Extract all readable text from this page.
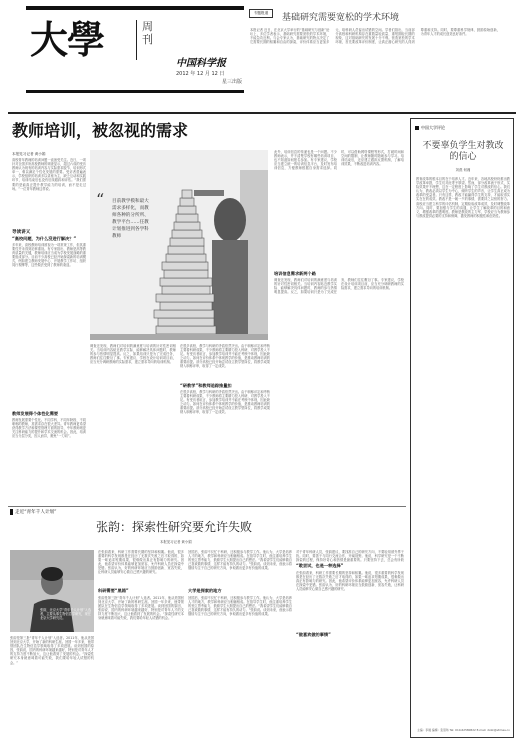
大學	周刊
中国科学报
2012 年 12 月 12 日
星三出版
专题报道	基础研究需要宽松的学术环境
本报记者 近日，在北京大学举行的“基础研究与创新”论坛上，多位学者表示，基础研究需要宽松的学术环境，不能急功近利。与会专家认为，基础研究的特点决定了它需要长期的积累和自由的探索，评价体系应当更加多元，给科研人员留出试错的空间。学者们指出，当前部分高校和科研机构存在重数量轻质量、重短期轻长期的现象，这对基础研究的发展十分不利。营造宽松的学术环境，首先要改革评价制度，让真正潜心研究的人得到尊重和支持。同时，要尊重科学规律，鼓励原始创新，为青年人才的成长创造良好条件。
教师培训，被忽视的需求
本报见习记者 黄小娟
高校青年教师的培训问题一直备受关注。近日，一项针对全国多所高校教师的调查显示，超过六成的受访教师认为现有的培训内容与实际需求脱节，培训形式单一，难以满足个性化发展的需要。受访者普遍表示，学校组织的培训多以讲座为主，缺乏互动和实践环节，培训结束后也没有后续跟踪和评估。“我们需要的是能真正提升教学能力的培训，而不是走过场。”一位青年教师这样说。
导读讲义
“高校问题，为什么没进行解决？”
多年来，高校教师培训被视为一项常规工作，但其重要性并未得到足够重视。有专家指出，教师是高等教育质量的关键，教师培训应当成为学校发展战略的重要组成部分。目前不少高校已经开始探索新的培训模式，例如建立教师发展中心、开展教学工作坊、组织同行观摩等，这些做法受到了教师的欢迎。
教师发展得个体性化需要
教师发展需要个性化。不同学科、不同年龄段、不同职称的教师，其需求存在很大差异。青年教师更希望获得教学方法和课堂管理方面的指导，中年教师则更关注科研能力的提升和学术交流的机会。因此，培训应当分层分类，因人而异，避免“一刀切”。
“ 目前教学模和最大需求多样化，而教师各种的分所所、教学平台……任教计划推进到各学科教师
调查还发现，教师们对培训的满意度与培训的针对性密切相关。当培训内容贴近教学实际、能够解决具体问题时，教师的参与热情明显提高。反之，如果培训只是为了完成任务，教师们往往敷衍了事。专家建议，学校在设计培训项目前，应当充分调研教师的实际需求，建立需求导向的培训机制。
“研教学”和教师追踪推量扣
在很多高校，教学与科研的矛盾依然突出。由于职称评定和考核主要看科研成果，不少教师将主要精力投入科研，对教学投入不足。有受访者坦言，参加教学培训并不能在考核中体现，因此缺乏动力。如何在评价体系中体现教学的价值，是推动教师培训的重要前提。部分高校已经开始尝试设立教学型岗位，将教学成果纳入职称评审，取得了一定成效。
在很多高校，教学与科研的矛盾依然突出。由于职称评定和考核主要看科研成果，不少教师将主要精力投入科研，对教学投入不足。有受访者坦言，参加教学培训并不能在考核中体现，因此缺乏动力。如何在评价体系中体现教学的价值，是推动教师培训的重要前提。部分高校已经开始尝试设立教学型岗位，将教学成果纳入职称评审，取得了一定成效。
此外，培训信息的传递也是一个问题。不少教师表示，并不清楚学校有哪些培训项目，也不知道如何报名参加。有专家建议，学校应当建立统一的培训信息平台，及时发布培训信息，方便教师根据自身需求选择。同时，可以借助网络课程等形式，打破时间和空间的限制，让教师随时随地参与学习。培训结束后，还应建立跟踪反馈机制，了解培训效果，不断改进培训内容。
培训信息需求新两个路
调查还发现，教师们对培训的满意度与培训的针对性密切相关。当培训内容贴近教学实际、能够解决具体问题时，教师的参与热情明显提高。反之，如果培训只是为了完成任务，教师们往往敷衍了事。专家建议，学校在设计培训项目前，应当充分调研教师的实际需求，建立需求导向的培训机制。
中国大学评论
不要辜负学生对教改的信心
刘燕 何湘
教育改革的根本目的在于培养人才。近年来，各地高校纷纷推出教学改革举措，学生们对此寄予厚望。然而，部分改革流于形式，实际效果并不理想，这在一定程度上影响了学生对教改的信心。我们认为，教改必须以学生为中心，倾听学生的声音，让学生真正成为改革的受益者。只有这样，教改才能赢得学生的支持，才能取得实实在在的成效。教改不是一朝一夕的事情，需要持之以恒的努力。高校应当建立科学的评估机制，定期检验改革成效，及时调整改革方向。同时，要加强与学生的沟通，让学生了解改革的目的和意义，增强改革的透明度。教师是教改的主力军，学校应当为教师参与教改提供必要的支持和保障，激发教师的积极性和创造性。
主编：李晨 编辑：张思玮 Tel: 010-62580822 E-mail: dxzk@stimes.cn
走近“青年千人计划”
张韵：探索性研究要允许失败
本报见习记者 黄小娟
张韵，北京大学“青年千人计划”入选者，主要从事生物信息学研究，现任北京大学研究员。
张韵是第三批“青年千人计划”入选者。2011年，他从美国回到北京大学，开始了新的科研生涯。回国一年多来，他带领团队在生物信息学领域取得了多项进展。谈到回国的原因，张韵说，国内的科研环境越来越好，特别是对青年人才的支持力度不断加大，这让他看到了发展的机会。“探索性研究本身就意味着可能失败，我们要给年轻人试错的机会。”
科研需要“黑箱”
在张韵看来，科研工作需要长期的坚持和积累。他说，很多重要的科学发现都是在经历了无数次失败之后才取得的，如果一味追求短期成果，很难做出真正有影响力的研究。因此，他希望评价体系能够更加宽容，允许科研人员在探索中犯错。张韵认为，好的科研环境应当鼓励创新、宽容失败，让科研人员能够安心做自己感兴趣的研究。
张韵是第三批“青年千人计划”入选者。2011年，他从美国回到北京大学，开始了新的科研生涯。回国一年多来，他带领团队在生物信息学领域取得了多项进展。谈到回国的原因，张韵说，国内的科研环境越来越好，特别是对青年人才的支持力度不断加大，这让他看到了发展的机会。“探索性研究本身就意味着可能失败，我们要给年轻人试错的机会。”
大学是探索的地方
回国后，张韵不仅忙于科研，还积极参与教学工作。他认为，大学是培养人才的地方，教学和科研应当相辅相成。在指导学生时，他注重培养学生的独立思考能力，鼓励学生大胆提出自己的想法。“我希望学生们能够做自己喜欢做的事情，这样才能有持久的动力。”张韵说。谈到未来，他表示将继续专注于自己的研究方向，争取做出更多有价值的成果。
回国后，张韵不仅忙于科研，还积极参与教学工作。他认为，大学是培养人才的地方，教学和科研应当相辅相成。在指导学生时，他注重培养学生的独立思考能力，鼓励学生大胆提出自己的想法。“我希望学生们能够做自己喜欢做的事情，这样才能有持久的动力。”张韵说。谈到未来，他表示将继续专注于自己的研究方向，争取做出更多有价值的成果。
“敢尝试，也是一种选择”
对于青年科研人员，张韵建议，要找准自己的研究方向，不要轻易被外界干扰。同时，要善于与同行交流合作，开阔视野。他说，科学研究是一个不断探索的过程，保持好奇心和热情是最重要的。只要坚持下去，总会有所收
在张韵看来，科研工作需要长期的坚持和积累。他说，很多重要的科学发现都是在经历了无数次失败之后才取得的，如果一味追求短期成果，很难做出真正有影响力的研究。因此，他希望评价体系能够更加宽容，允许科研人员在探索中犯错。张韵认为，好的科研环境应当鼓励创新、宽容失败，让科研人员能够安心做自己感兴趣的研究。
“做喜欢做的事情”
